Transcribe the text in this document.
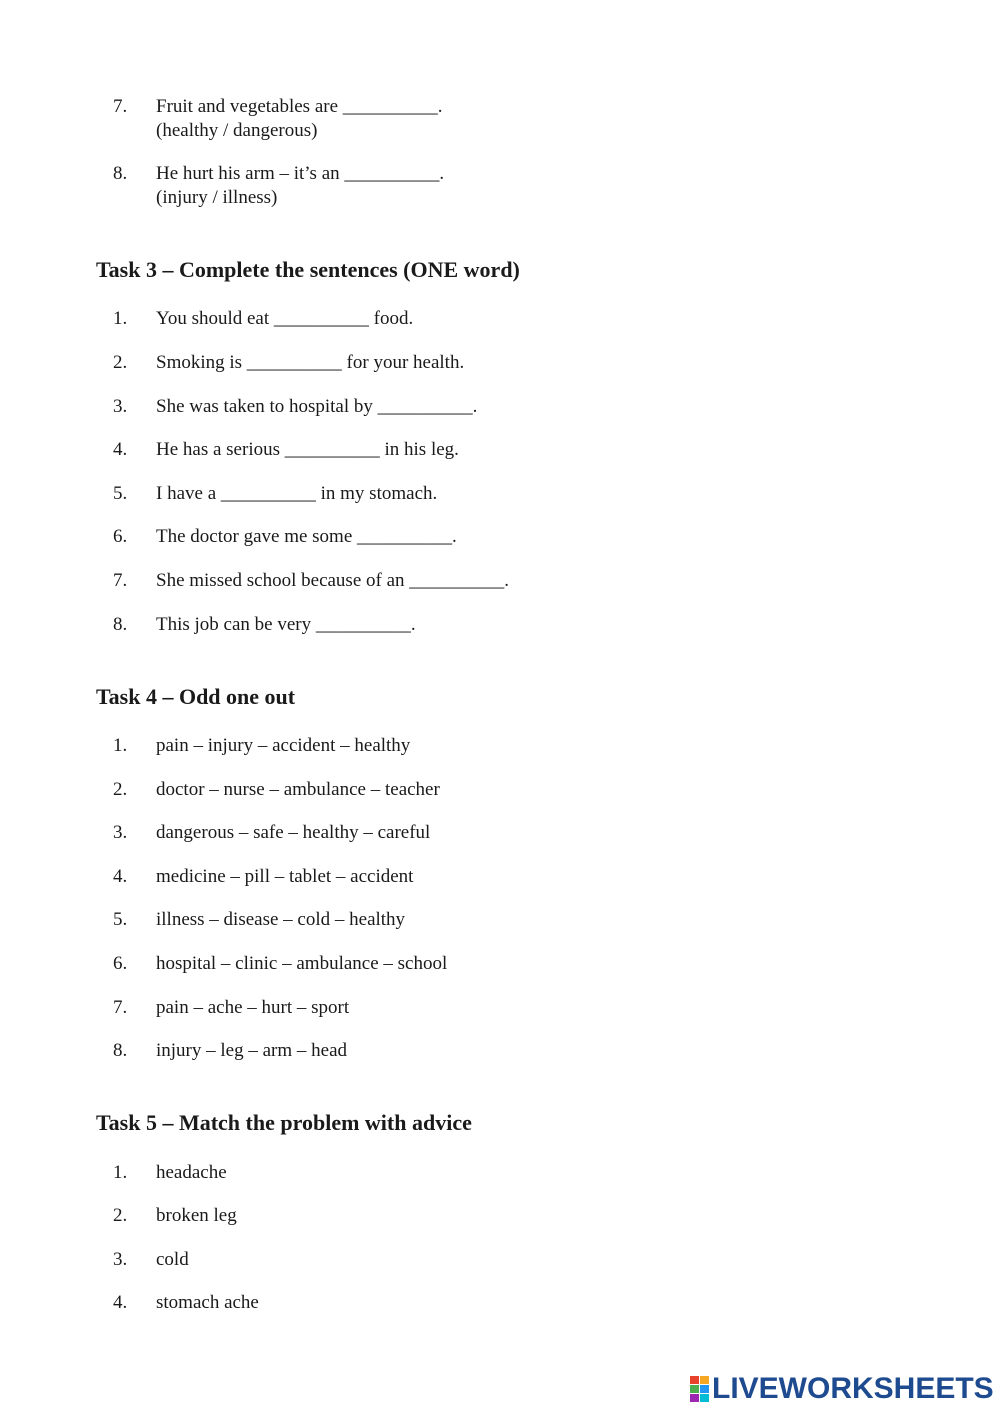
7.	Fruit and vegetables are __________.
(healthy / dangerous)
8.	He hurt his arm – it’s an __________.
(injury / illness)
Task 3 – Complete the sentences (ONE word)
1.	You should eat __________ food.
2.	Smoking is __________ for your health.
3.	She was taken to hospital by __________.
4.	He has a serious __________ in his leg.
5.	I have a __________ in my stomach.
6.	The doctor gave me some __________.
7.	She missed school because of an __________.
8.	This job can be very __________.
Task 4 – Odd one out
1.	pain – injury – accident – healthy
2.	doctor – nurse – ambulance – teacher
3.	dangerous – safe – healthy – careful
4.	medicine – pill – tablet – accident
5.	illness – disease – cold – healthy
6.	hospital – clinic – ambulance – school
7.	pain – ache – hurt – sport
8.	injury – leg – arm – head
Task 5 – Match the problem with advice
1.	headache
2.	broken leg
3.	cold
4.	stomach ache
LIVEWORKSHEETS
